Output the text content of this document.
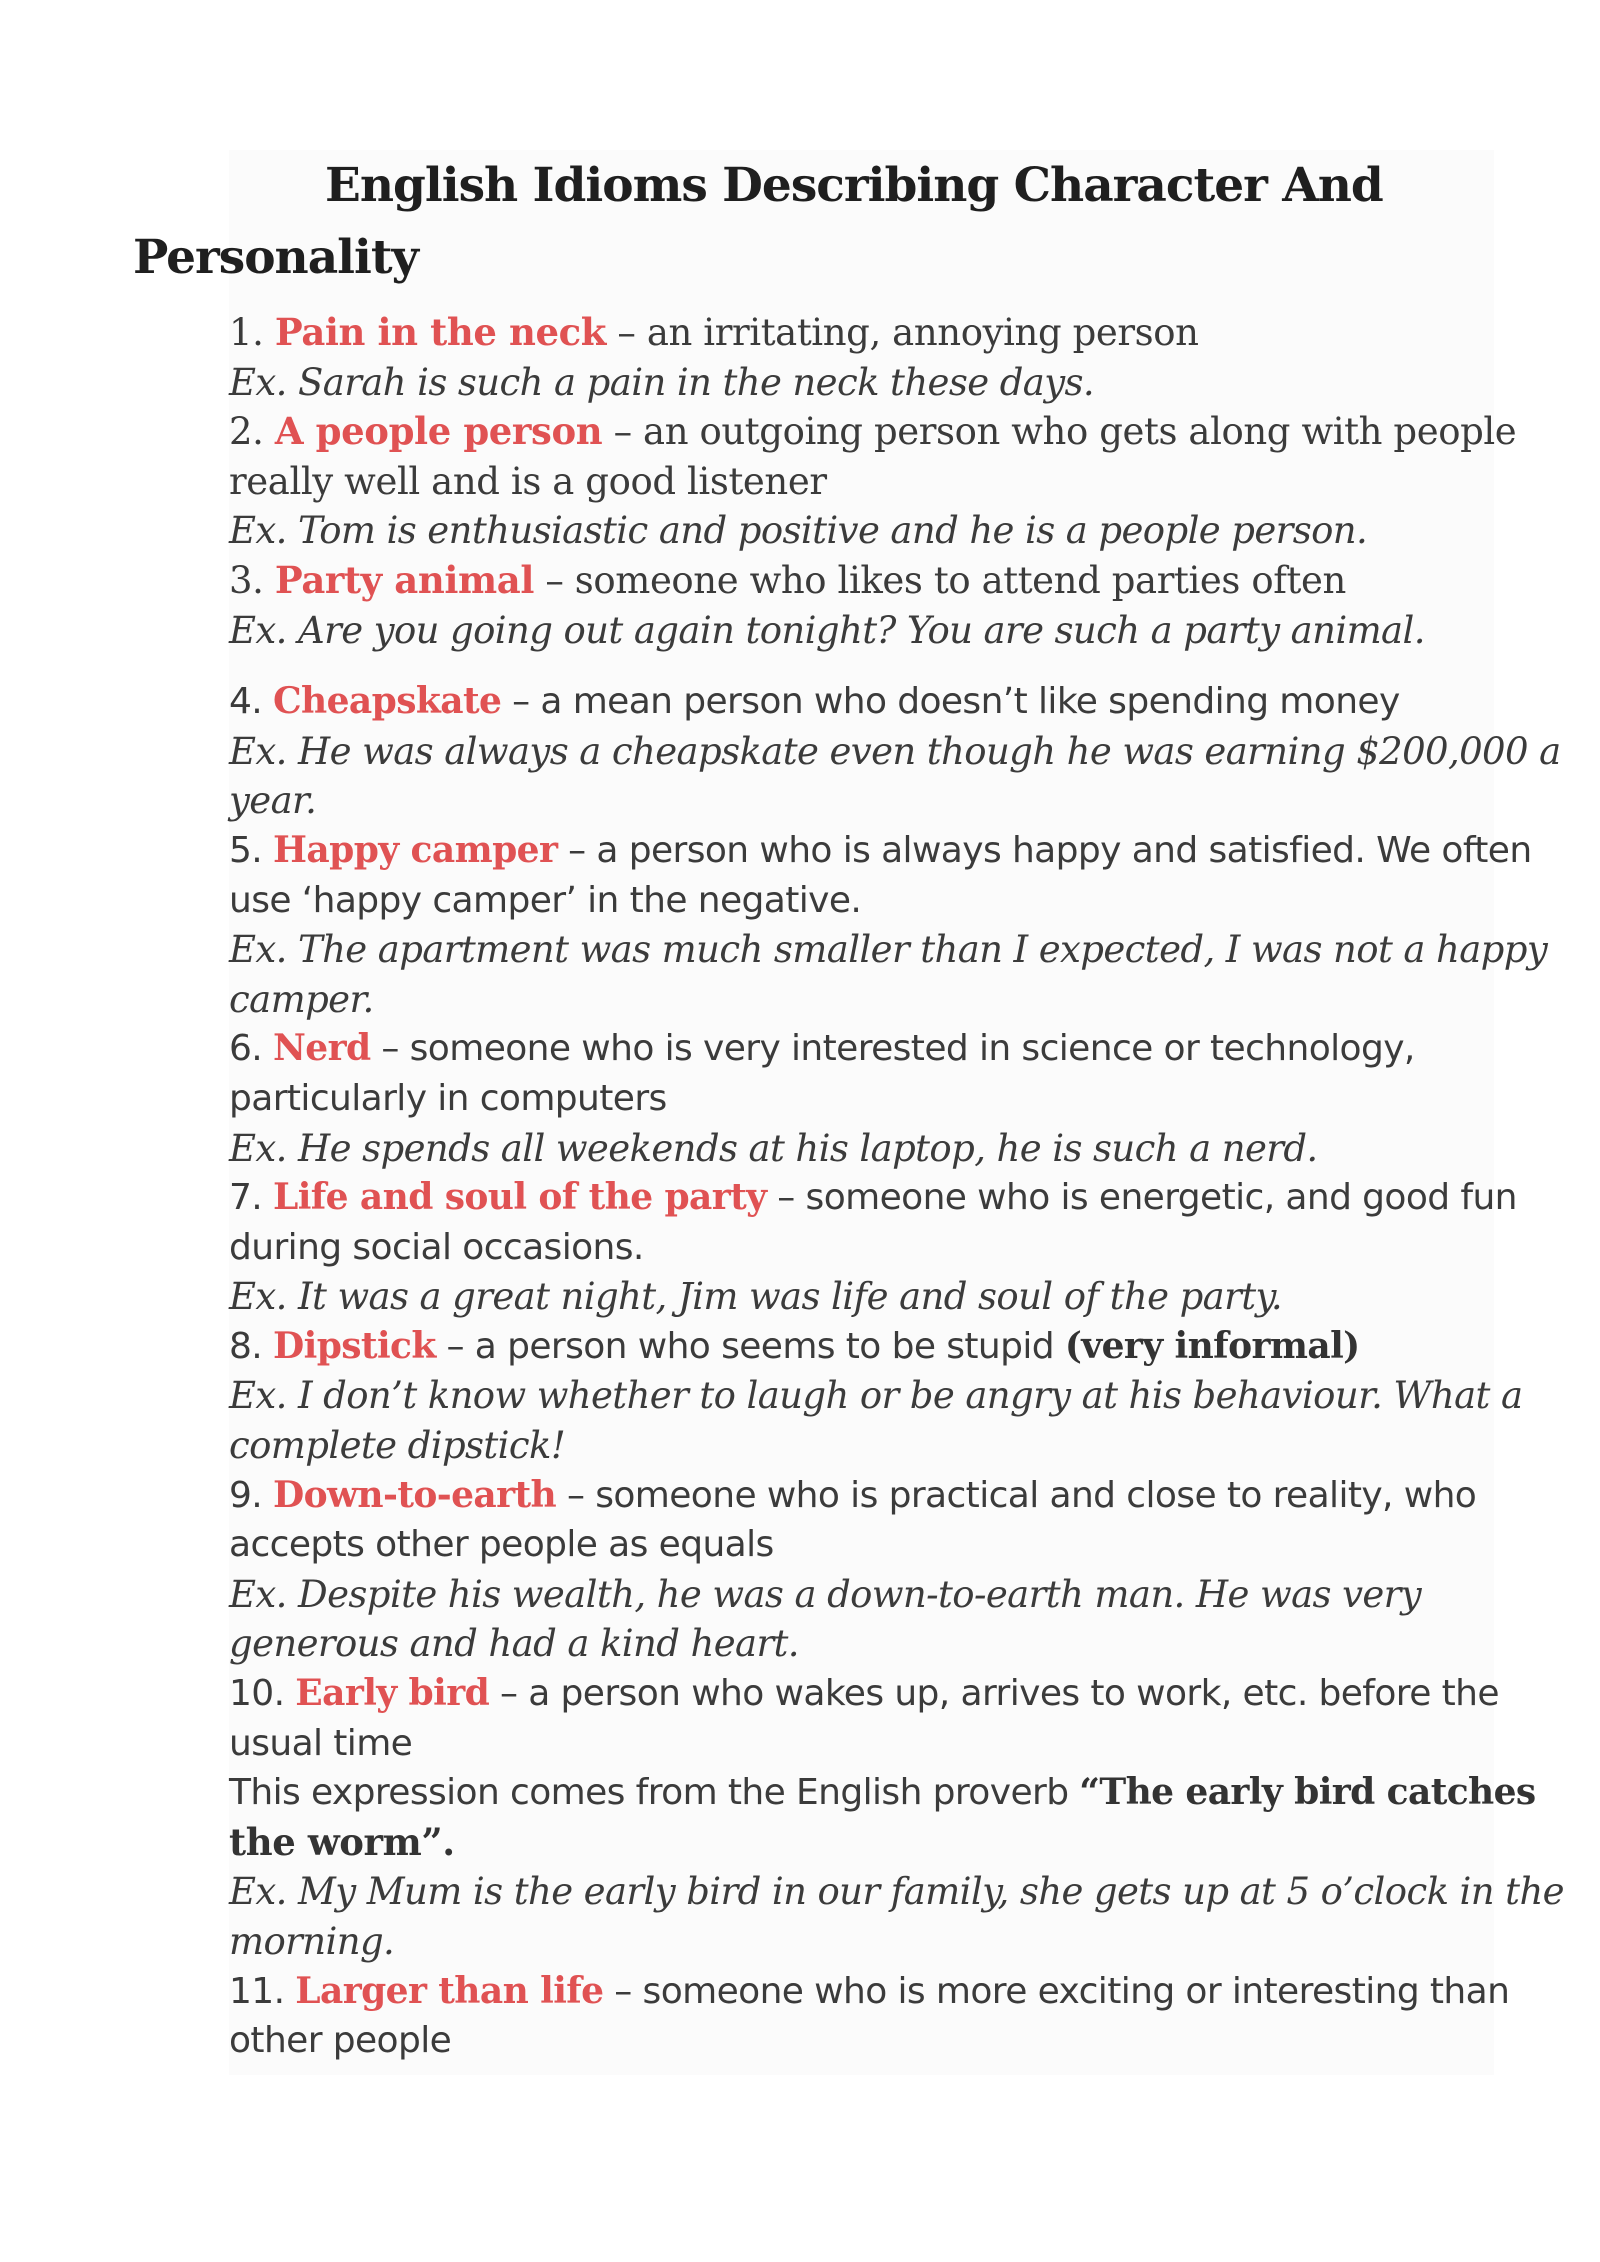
English Idioms Describing Character And
Personality
1. Pain in the neck – an irritating, annoying person
Ex. Sarah is such a pain in the neck these days.
2. A people person – an outgoing person who gets along with people
really well and is a good listener
Ex. Tom is enthusiastic and positive and he is a people person.
3. Party animal – someone who likes to attend parties often
Ex. Are you going out again tonight? You are such a party animal.
4. Cheapskate – a mean person who doesn’t like spending money
Ex. He was always a cheapskate even though he was earning $200,000 a
year.
5. Happy camper – a person who is always happy and satisfied. We often
use ‘happy camper’ in the negative.
Ex. The apartment was much smaller than I expected, I was not a happy
camper.
6. Nerd – someone who is very interested in science or technology,
particularly in computers
Ex. He spends all weekends at his laptop, he is such a nerd.
7. Life and soul of the party – someone who is energetic, and good fun
during social occasions.
Ex. It was a great night, Jim was life and soul of the party.
8. Dipstick – a person who seems to be stupid (very informal)
Ex. I don’t know whether to laugh or be angry at his behaviour. What a
complete dipstick!
9. Down-to-earth – someone who is practical and close to reality, who
accepts other people as equals
Ex. Despite his wealth, he was a down-to-earth man. He was very
generous and had a kind heart.
10. Early bird – a person who wakes up, arrives to work, etc. before the
usual time
This expression comes from the English proverb “The early bird catches
the worm”.
Ex. My Mum is the early bird in our family, she gets up at 5 o’clock in the
morning.
11. Larger than life – someone who is more exciting or interesting than
other people
